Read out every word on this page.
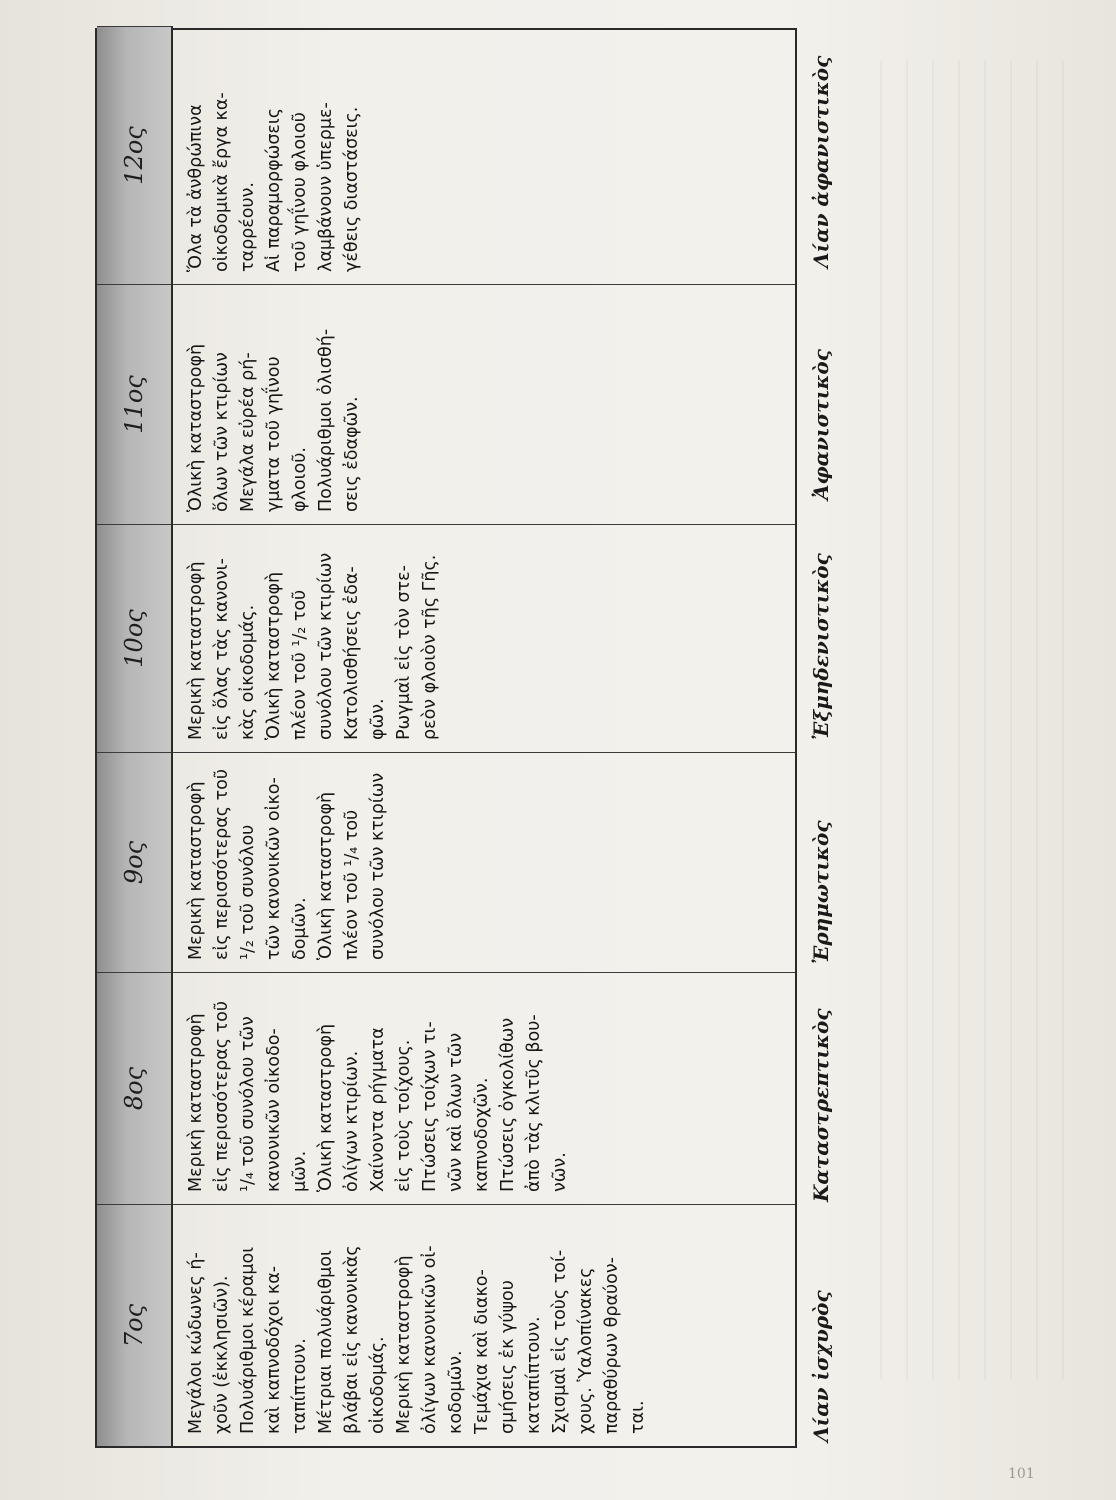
7ος
8ος
9ος
10ος
11ος
12ος
Μεγάλοι κώδωνες ή- χοῦν (ἐκκλησιῶν). Πολυάριθμοι κέραμοι καὶ καπνοδόχοι κα- ταπίπτουν. Μέτριαι πολυάριθμοι βλάβαι εἰς κανονικὰς οἰκοδομάς. Μερικὴ καταστροφὴ ὀλίγων κανονικῶν οἰ- κοδομῶν. Τεμάχια καὶ διακο- σμήσεις ἐκ γύψου καταπίπτουν. Σχισμαὶ εἰς τοὺς τοί- χους. Ὑαλοπίνακες παραθύρων θραύον- ται.
Μερικὴ καταστροφὴ εἰς περισσότερας τοῦ ¹/₄ τοῦ συνόλου τῶν κανονικῶν οἰκοδο- μῶν. Ὁλικὴ καταστροφὴ ὀλίγων κτιρίων. Χαίνοντα ρήγματα εἰς τοὺς τοίχους. Πτώσεις τοίχων τι- νῶν καὶ ὅλων τῶν καπνοδοχῶν. Πτώσεις ὀγκολίθων ἀπὸ τὰς κλιτῦς βου- νῶν.
Μερικὴ καταστροφὴ εἰς περισσότερας τοῦ ¹/₂ τοῦ συνόλου τῶν κανονικῶν οἰκο- δομῶν. Ὁλικὴ καταστροφὴ πλέον τοῦ ¹/₄ τοῦ συνόλου τῶν κτιρίων
Μερικὴ καταστροφὴ εἰς ὅλας τὰς κανονι- κὰς οἰκοδομάς. Ὁλικὴ καταστροφὴ πλέον τοῦ ¹/₂ τοῦ συνόλου τῶν κτιρίων Κατολισθήσεις ἐδα- φῶν. Ρωγμαὶ εἰς τὸν στε- ρεὸν φλοιὸν τῆς Γῆς.
Ὁλικὴ καταστροφὴ ὅλων τῶν κτιρίων Μεγάλα εὐρέα ρή- γματα τοῦ γηΐνου φλοιοῦ. Πολυάριθμοι ὀλισθή- σεις ἐδαφῶν.
Ὅλα τὰ ἀνθρώπινα οἰκοδομικὰ ἔργα κα- ταρρέουν. Αἱ παραμορφώσεις τοῦ γηΐνου φλοιοῦ λαμβάνουν ὑπερμε- γέθεις διαστάσεις.
Λίαν ἰσχυρὸς
Καταστρεπτικὸς
Ἐρημωτικὸς
Ἐξμηδενιστικὸς
Ἀφανιστικὸς
Λίαν ἀφανιστικὸς
101
